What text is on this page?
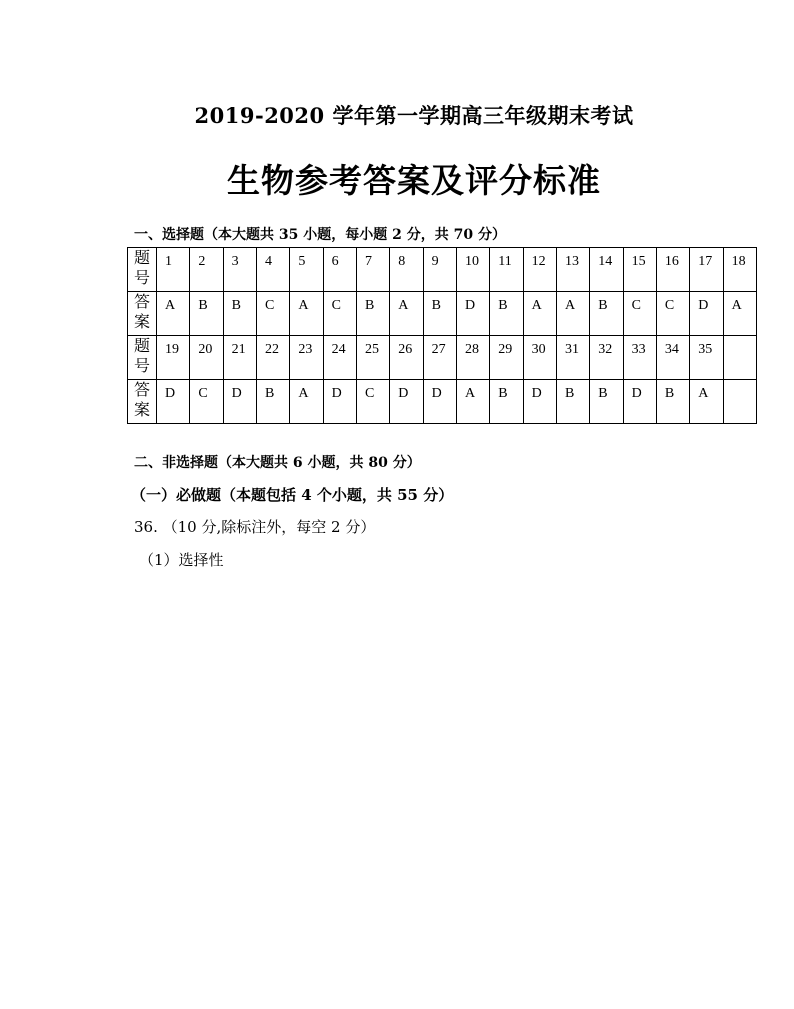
2019-2020 学年第一学期高三年级期末考试
生物参考答案及评分标准
一、选择题（本大题共 35 小题，每小题 2 分，共 70 分）
题
号	1	2	3	4	5	6	7	8	9	10	11	12	13	14	15	16	17	18

答
案	A	B	B	C	A	C	B	A	B	D	B	A	A	B	C	C	D	A

题
号	19	20	21	22	23	24	25	26	27	28	29	30	31	32	33	34	35	

答
案	D	C	D	B	A	D	C	D	D	A	B	D	B	B	D	B	A	

二、非选择题（本大题共 6 小题，共 80 分）
（一）必做题（本题包括 4 个小题，共 55 分）
36. （10 分,除标注外，每空 2 分）
（1）选择性
